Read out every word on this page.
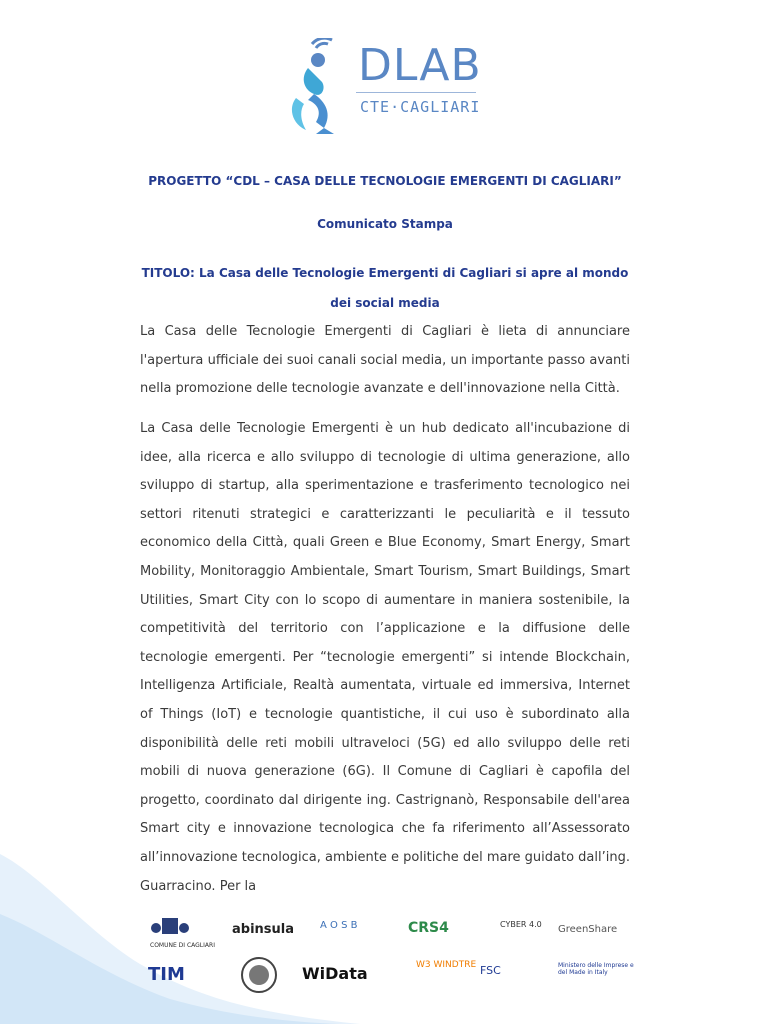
DLAB
CTE·CAGLIARI
PROGETTO “CDL – CASA DELLE TECNOLOGIE EMERGENTI DI CAGLIARI”
Comunicato Stampa
TITOLO: La Casa delle Tecnologie Emergenti di Cagliari si apre al mondo dei social media
La Casa delle Tecnologie Emergenti di Cagliari è lieta di annunciare l'apertura ufficiale dei suoi canali social media, un importante passo avanti nella promozione delle tecnologie avanzate e dell'innovazione nella Città.
La Casa delle Tecnologie Emergenti è un hub dedicato all'incubazione di idee, alla ricerca e allo sviluppo di tecnologie di ultima generazione, allo sviluppo di startup, alla sperimentazione e trasferimento tecnologico nei settori ritenuti strategici e caratterizzanti le peculiarità e il tessuto economico della Città, quali Green e Blue Economy, Smart Energy, Smart Mobility, Monitoraggio Ambientale, Smart Tourism, Smart Buildings, Smart Utilities, Smart City con lo scopo di aumentare in maniera sostenibile, la competitività del territorio con l’applicazione e la diffusione delle tecnologie emergenti. Per “tecnologie emergenti” si intende Blockchain, Intelligenza Artificiale, Realtà aumentata, virtuale ed immersiva, Internet of Things (IoT) e tecnologie quantistiche, il cui uso è subordinato alla disponibilità delle reti mobili ultraveloci (5G) ed allo sviluppo delle reti mobili di nuova generazione (6G). Il Comune di Cagliari è capofila del progetto, coordinato dal dirigente ing. Castrignanò, Responsabile dell'area Smart city e innovazione tecnologica che fa riferimento all’Assessorato all’innovazione tecnologica, ambiente e politiche del mare guidato dall’ing. Guarracino. Per la
COMUNE DI CAGLIARI
abinsula	A O S B	CRS4	CYBER 4.0 GreenShare
TIM	WiData	W3 WINDTRE FSC	Ministero delle Imprese e del Made in Italy
